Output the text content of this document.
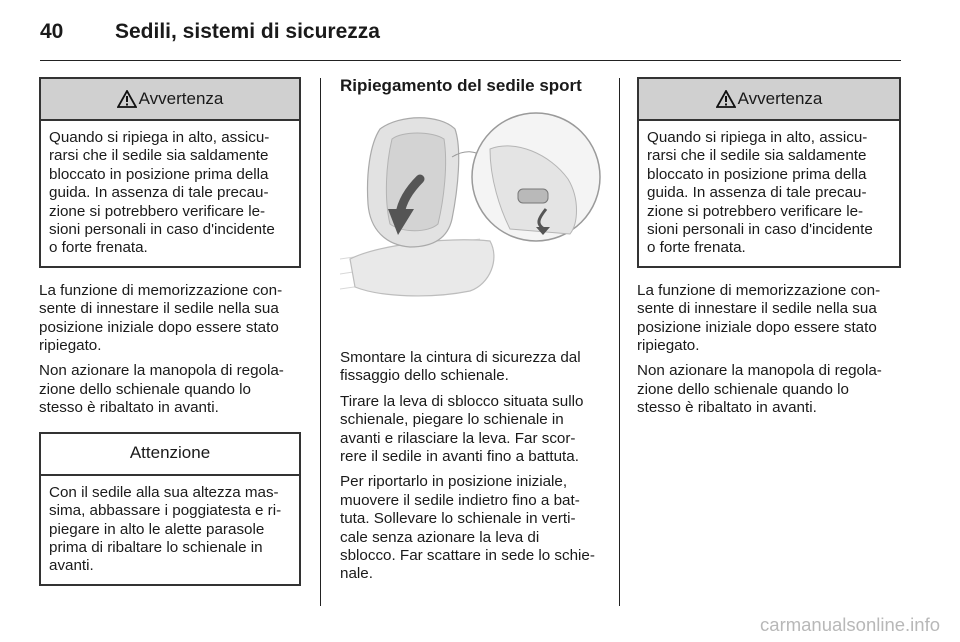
40 Sedili, sistemi di sicurezza
Avvertenza
Quando si ripiega in alto, assicu-
rarsi che il sedile sia saldamente
bloccato in posizione prima della
guida. In assenza di tale precau-
zione si potrebbero verificare le-
sioni personali in caso d'incidente
o forte frenata.

La funzione di memorizzazione con-
sente di innestare il sedile nella sua
posizione iniziale dopo essere stato
ripiegato.

Non azionare la manopola di regola-
zione dello schienale quando lo
stesso è ribaltato in avanti.

Attenzione
Con il sedile alla sua altezza mas-
sima, abbassare i poggiatesta e ri-
piegare in alto le alette parasole
prima di ribaltare lo schienale in
avanti.
Ripiegamento del sedile sport

Smontare la cintura di sicurezza dal
fissaggio dello schienale.

Tirare la leva di sblocco situata sullo
schienale, piegare lo schienale in
avanti e rilasciare la leva. Far scor-
rere il sedile in avanti fino a battuta.

Per riportarlo in posizione iniziale,
muovere il sedile indietro fino a bat-
tuta. Sollevare lo schienale in verti-
cale senza azionare la leva di
sblocco. Far scattare in sede lo schie-
nale.

Avvertenza
Quando si ripiega in alto, assicu-
rarsi che il sedile sia saldamente
bloccato in posizione prima della
guida. In assenza di tale precau-
zione si potrebbero verificare le-
sioni personali in caso d'incidente
o forte frenata.

La funzione di memorizzazione con-
sente di innestare il sedile nella sua
posizione iniziale dopo essere stato
ripiegato.

Non azionare la manopola di regola-
zione dello schienale quando lo
stesso è ribaltato in avanti.

carmanualsonline.info
